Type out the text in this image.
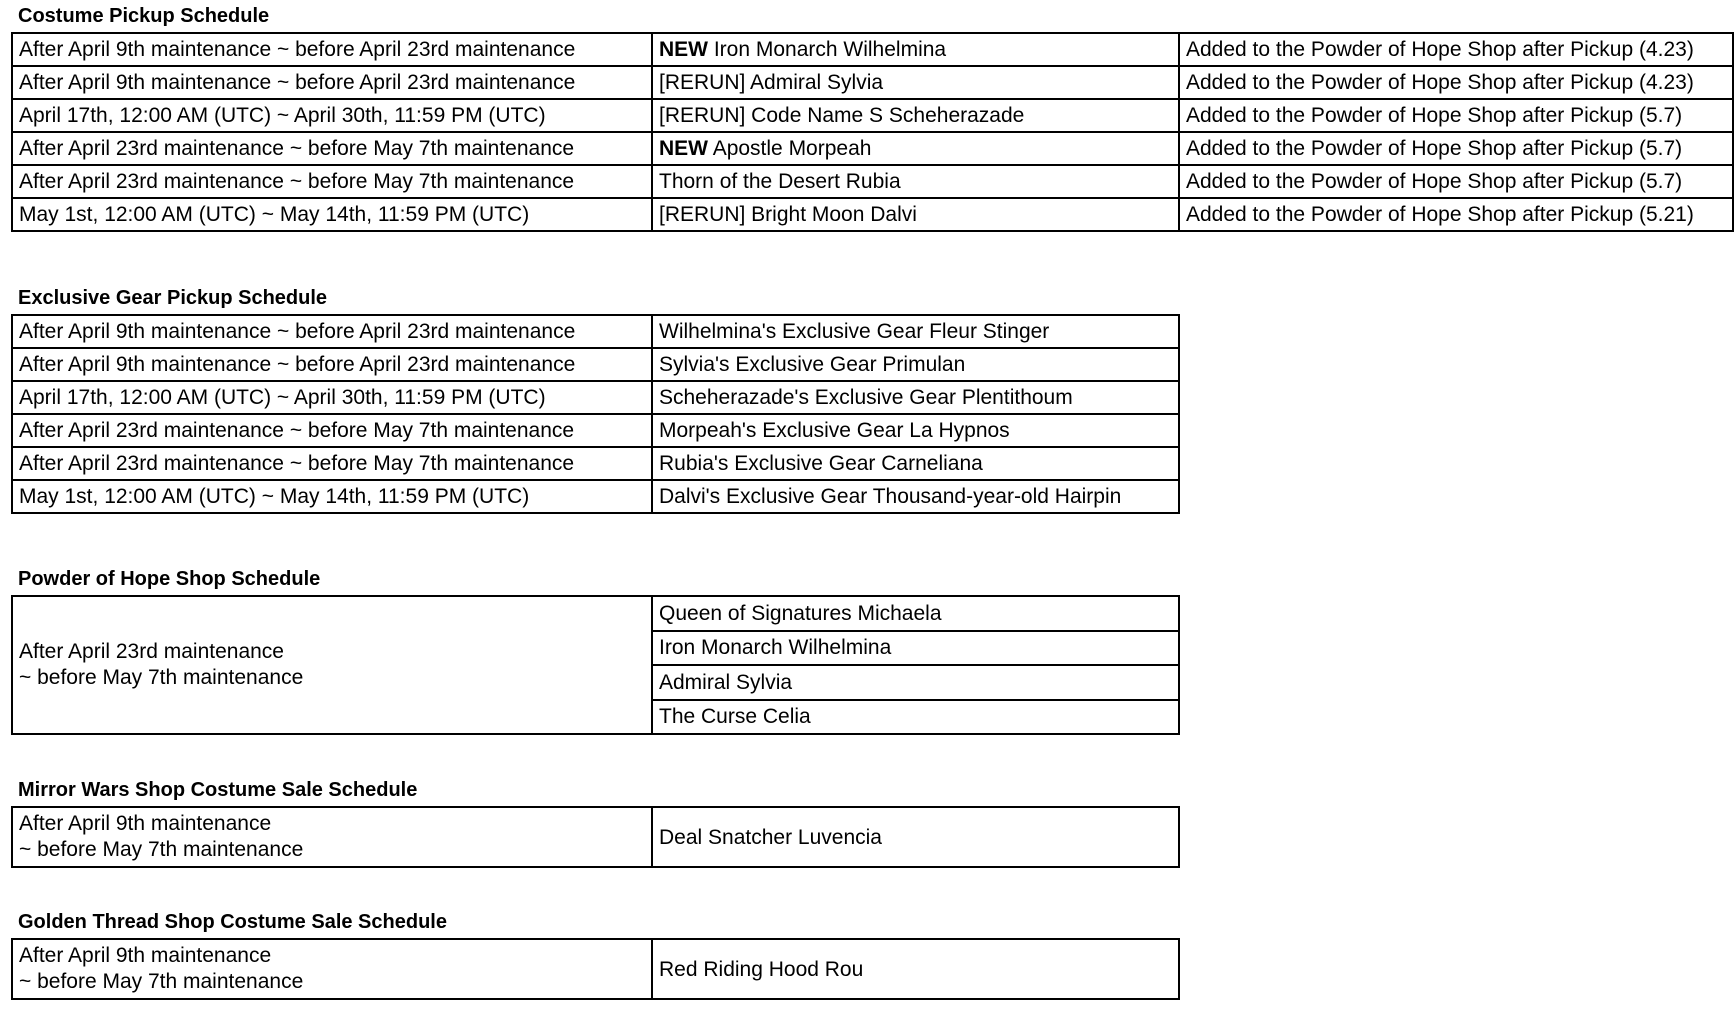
Costume Pickup Schedule
After April 9th maintenance ~ before April 23rd maintenance	NEW Iron Monarch Wilhelmina	Added to the Powder of Hope Shop after Pickup (4.23)
After April 9th maintenance ~ before April 23rd maintenance	[RERUN] Admiral Sylvia	Added to the Powder of Hope Shop after Pickup (4.23)
April 17th, 12:00 AM (UTC) ~ April 30th, 11:59 PM (UTC)	[RERUN] Code Name S Scheherazade	Added to the Powder of Hope Shop after Pickup (5.7)
After April 23rd maintenance ~ before May 7th maintenance	NEW Apostle Morpeah	Added to the Powder of Hope Shop after Pickup (5.7)
After April 23rd maintenance ~ before May 7th maintenance	Thorn of the Desert Rubia	Added to the Powder of Hope Shop after Pickup (5.7)
May 1st, 12:00 AM (UTC) ~ May 14th, 11:59 PM (UTC)	[RERUN] Bright Moon Dalvi	Added to the Powder of Hope Shop after Pickup (5.21)
Exclusive Gear Pickup Schedule
After April 9th maintenance ~ before April 23rd maintenance	Wilhelmina's Exclusive Gear Fleur Stinger
After April 9th maintenance ~ before April 23rd maintenance	Sylvia's Exclusive Gear Primulan
April 17th, 12:00 AM (UTC) ~ April 30th, 11:59 PM (UTC)	Scheherazade's Exclusive Gear Plentithoum
After April 23rd maintenance ~ before May 7th maintenance	Morpeah's Exclusive Gear La Hypnos
After April 23rd maintenance ~ before May 7th maintenance	Rubia's Exclusive Gear Carneliana
May 1st, 12:00 AM (UTC) ~ May 14th, 11:59 PM (UTC)	Dalvi's Exclusive Gear Thousand-year-old Hairpin
Powder of Hope Shop Schedule
After April 23rd maintenance
~ before May 7th maintenance	Queen of Signatures Michaela
Iron Monarch Wilhelmina
Admiral Sylvia
The Curse Celia
Mirror Wars Shop Costume Sale Schedule
After April 9th maintenance
~ before May 7th maintenance	Deal Snatcher Luvencia
Golden Thread Shop Costume Sale Schedule
After April 9th maintenance
~ before May 7th maintenance	Red Riding Hood Rou
